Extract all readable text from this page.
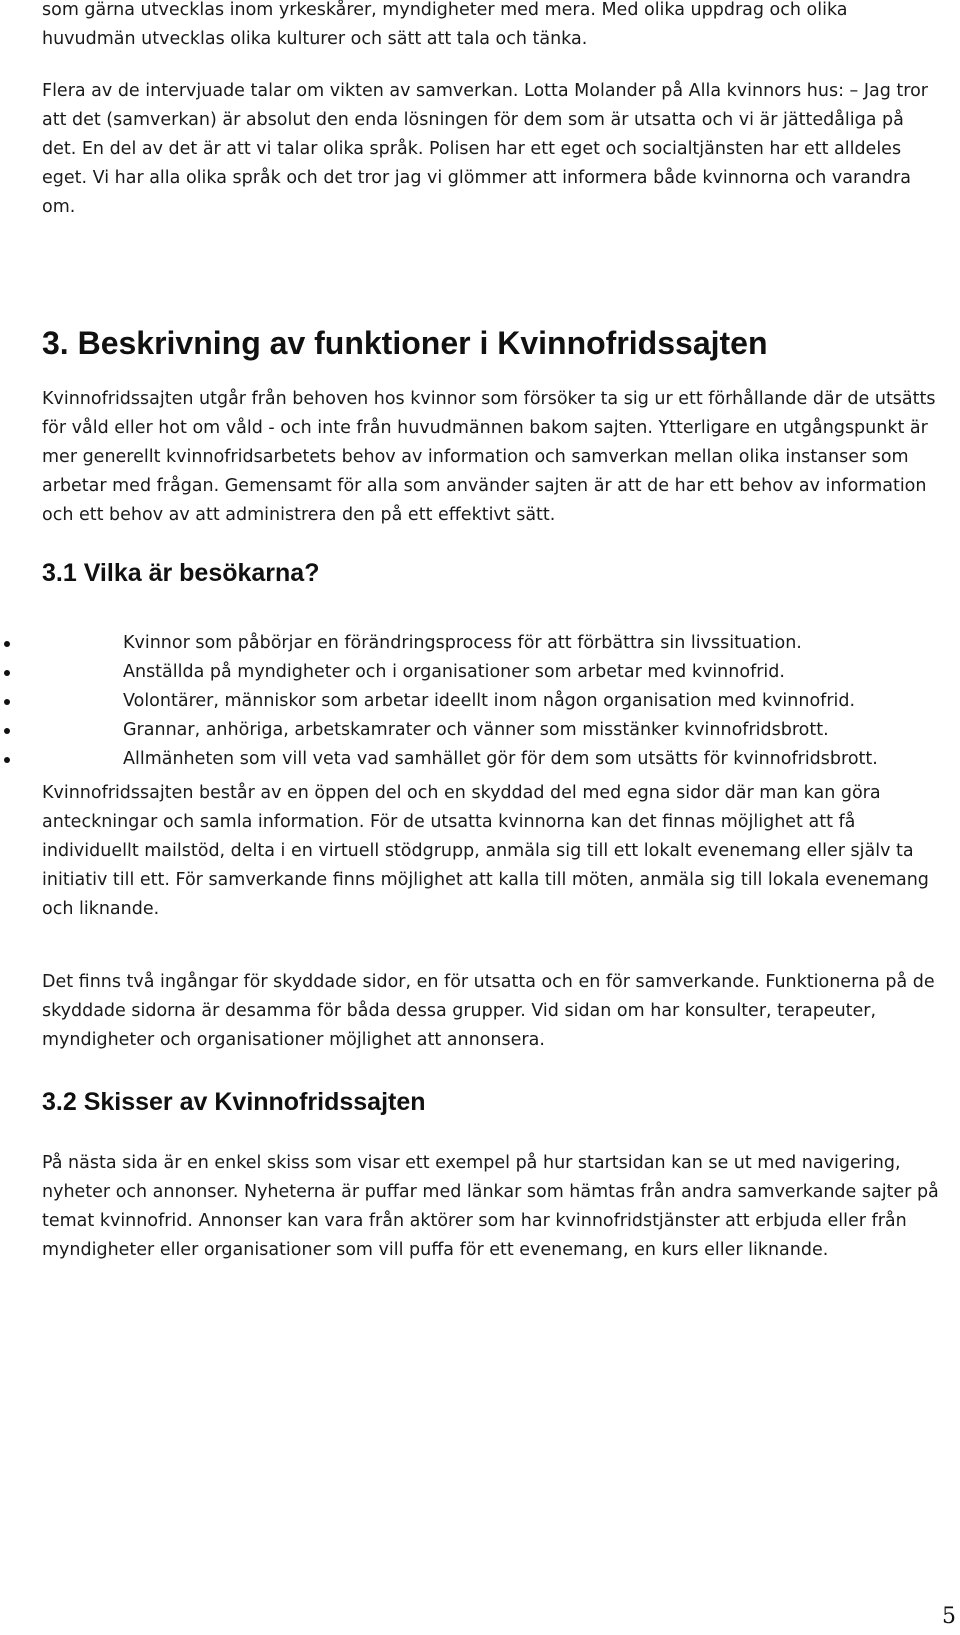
som gärna utvecklas inom yrkeskårer, myndigheter med mera. Med olika uppdrag och olika huvudmän utvecklas olika kulturer och sätt att tala och tänka.

Flera av de intervjuade talar om vikten av samverkan. Lotta Molander på Alla kvinnors hus: – Jag tror att det (samverkan) är absolut den enda lösningen för dem som är utsatta och vi är jättedåliga på det. En del av det är att vi talar olika språk. Polisen har ett eget och socialtjänsten har ett alldeles eget. Vi har alla olika språk och det tror jag vi glömmer att informera både kvinnorna och varandra om.

3. Beskrivning av funktioner i Kvinnofridssajten

Kvinnofridssajten utgår från behoven hos kvinnor som försöker ta sig ur ett förhållande där de utsätts för våld eller hot om våld - och inte från huvudmännen bakom sajten. Ytterligare en utgångspunkt är mer generellt kvinnofridsarbetets behov av information och samverkan mellan olika instanser som arbetar med frågan. Gemensamt för alla som använder sajten är att de har ett behov av information och ett behov av att administrera den på ett effektivt sätt.

3.1 Vilka är besökarna?
Kvinnor som påbörjar en förändringsprocess för att förbättra sin livssituation.
Anställda på myndigheter och i organisationer som arbetar med kvinnofrid.
Volontärer, människor som arbetar ideellt inom någon organisation med kvinnofrid.
Grannar, anhöriga, arbetskamrater och vänner som misstänker kvinnofridsbrott.
Allmänheten som vill veta vad samhället gör för dem som utsätts för kvinnofridsbrott.

Kvinnofridssajten består av en öppen del och en skyddad del med egna sidor där man kan göra anteckningar och samla information. För de utsatta kvinnorna kan det finnas möjlighet att få individuellt mailstöd, delta i en virtuell stödgrupp, anmäla sig till ett lokalt evenemang eller själv ta initiativ till ett. För samverkande finns möjlighet att kalla till möten, anmäla sig till lokala evenemang och liknande.

Det finns två ingångar för skyddade sidor, en för utsatta och en för samverkande. Funktionerna på de skyddade sidorna är desamma för båda dessa grupper. Vid sidan om har konsulter, terapeuter, myndigheter och organisationer möjlighet att annonsera.

3.2 Skisser av Kvinnofridssajten

På nästa sida är en enkel skiss som visar ett exempel på hur startsidan kan se ut med navigering, nyheter och annonser. Nyheterna är puffar med länkar som hämtas från andra samverkande sajter på temat kvinnofrid. Annonser kan vara från aktörer som har kvinnofridstjänster att erbjuda eller från myndigheter eller organisationer som vill puffa för ett evenemang, en kurs eller liknande.

5
